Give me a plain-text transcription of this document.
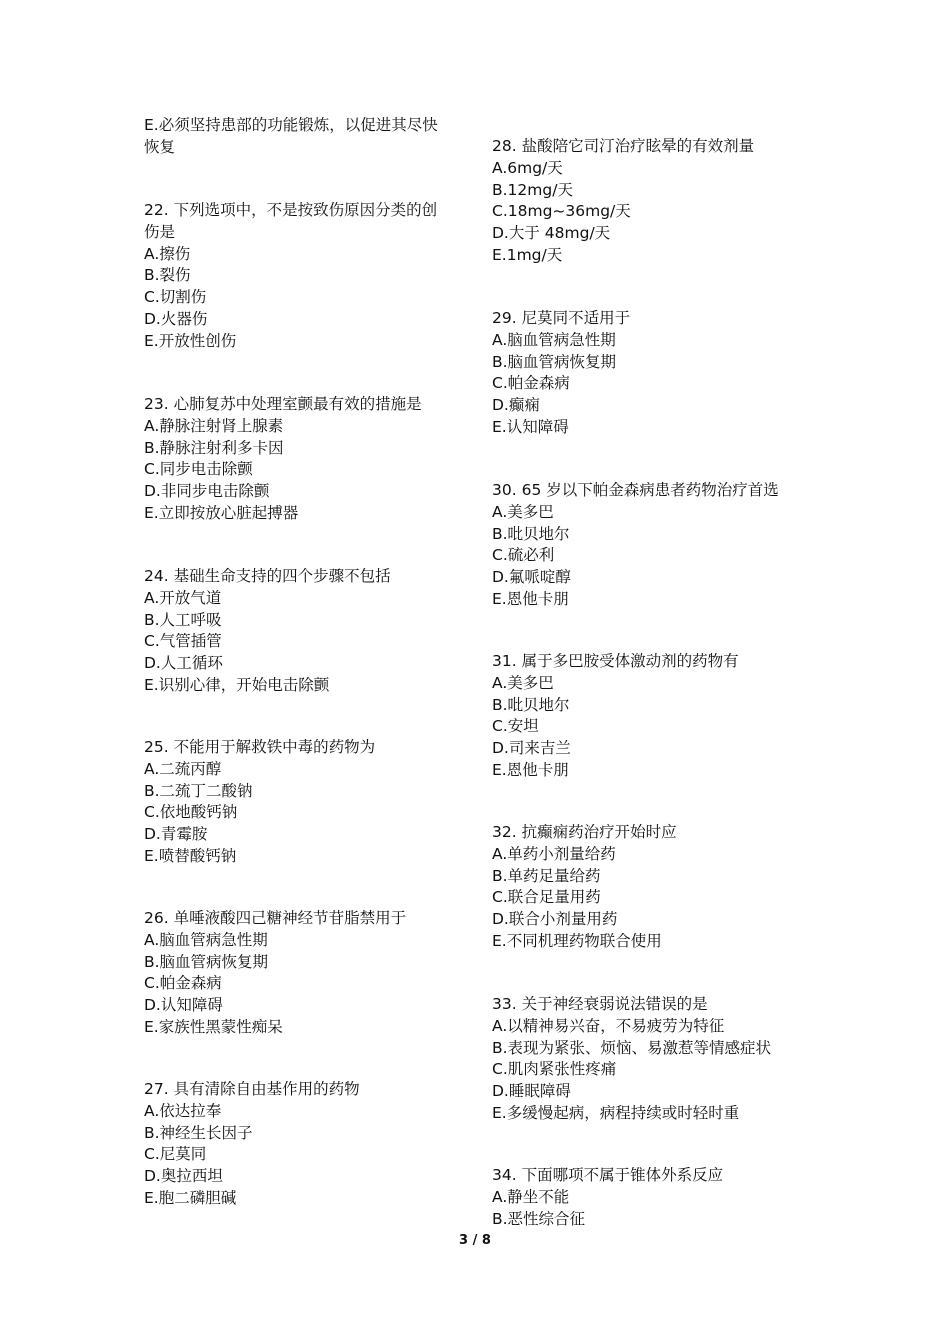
E.必须坚持患部的功能锻炼，以促进其尽快
恢复
22. 下列选项中，不是按致伤原因分类的创
伤是
A.擦伤
B.裂伤
C.切割伤
D.火器伤
E.开放性创伤
23. 心肺复苏中处理室颤最有效的措施是
A.静脉注射肾上腺素
B.静脉注射利多卡因
C.同步电击除颤
D.非同步电击除颤
E.立即按放心脏起搏器
24. 基础生命支持的四个步骤不包括
A.开放气道
B.人工呼吸
C.气管插管
D.人工循环
E.识别心律，开始电击除颤
25. 不能用于解救铁中毒的药物为
A.二巯丙醇
B.二巯丁二酸钠
C.依地酸钙钠
D.青霉胺
E.喷替酸钙钠
26. 单唾液酸四己糖神经节苷脂禁用于
A.脑血管病急性期
B.脑血管病恢复期
C.帕金森病
D.认知障碍
E.家族性黑蒙性痴呆
27. 具有清除自由基作用的药物
A.依达拉奉
B.神经生长因子
C.尼莫同
D.奥拉西坦
E.胞二磷胆碱
28. 盐酸陪它司汀治疗眩晕的有效剂量
A.6mg/天
B.12mg/天
C.18mg~36mg/天
D.大于 48mg/天
E.1mg/天
29. 尼莫同不适用于
A.脑血管病急性期
B.脑血管病恢复期
C.帕金森病
D.癫痫
E.认知障碍
30. 65 岁以下帕金森病患者药物治疗首选
A.美多巴
B.吡贝地尔
C.硫必利
D.氟哌啶醇
E.恩他卡朋
31. 属于多巴胺受体激动剂的药物有
A.美多巴
B.吡贝地尔
C.安坦
D.司来吉兰
E.恩他卡朋
32. 抗癫痫药治疗开始时应
A.单药小剂量给药
B.单药足量给药
C.联合足量用药
D.联合小剂量用药
E.不同机理药物联合使用
33. 关于神经衰弱说法错误的是
A.以精神易兴奋，不易疲劳为特征
B.表现为紧张、烦恼、易激惹等情感症状
C.肌肉紧张性疼痛
D.睡眠障碍
E.多缓慢起病，病程持续或时轻时重
34. 下面哪项不属于锥体外系反应
A.静坐不能
B.恶性综合征
3 / 8
